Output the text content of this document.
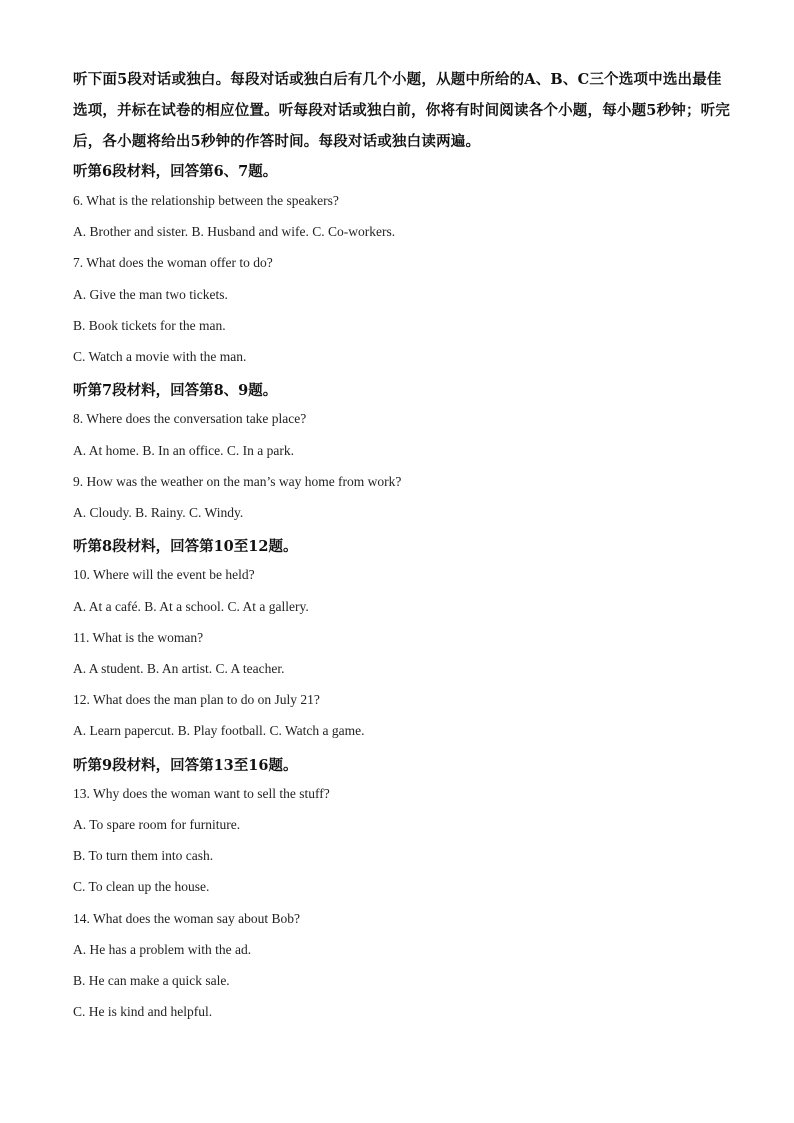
听下面5段对话或独白。每段对话或独白后有几个小题，从题中所给的A、B、C三个选项中选出最佳选项，并标在试卷的相应位置。听每段对话或独白前，你将有时间阅读各个小题，每小题5秒钟；听完后，各小题将给出5秒钟的作答时间。每段对话或独白读两遍。
听第6段材料，回答第6、7题。
6. What is the relationship between the speakers?
A. Brother and sister. B. Husband and wife. C. Co-workers.
7. What does the woman offer to do?
A. Give the man two tickets.
B. Book tickets for the man.
C. Watch a movie with the man.
听第7段材料，回答第8、9题。
8. Where does the conversation take place?
A. At home. B. In an office. C. In a park.
9. How was the weather on the man’s way home from work?
A. Cloudy. B. Rainy. C. Windy.
听第8段材料，回答第10至12题。
10. Where will the event be held?
A. At a café. B. At a school. C. At a gallery.
11. What is the woman?
A. A student. B. An artist. C. A teacher.
12. What does the man plan to do on July 21?
A. Learn papercut. B. Play football. C. Watch a game.
听第9段材料，回答第13至16题。
13. Why does the woman want to sell the stuff?
A. To spare room for furniture.
B. To turn them into cash.
C. To clean up the house.
14. What does the woman say about Bob?
A. He has a problem with the ad.
B. He can make a quick sale.
C. He is kind and helpful.
